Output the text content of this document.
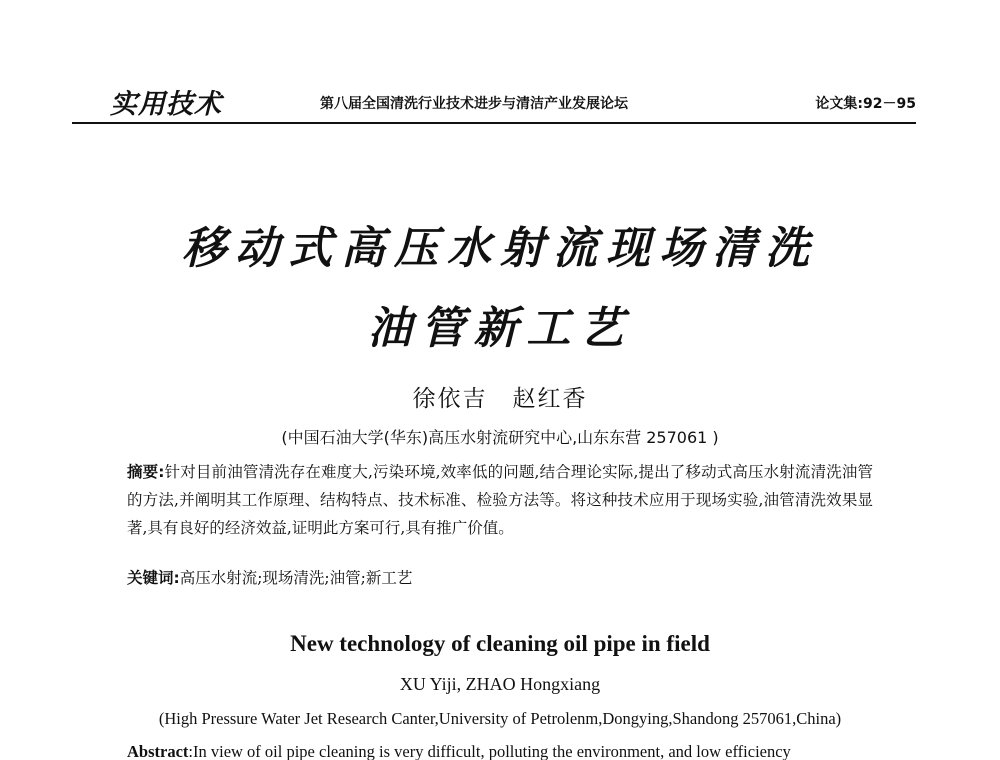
实用技术	第八届全国清洗行业技术进步与清洁产业发展论坛	论文集:92－95
移动式高压水射流现场清洗
油管新工艺
徐依吉　赵红香
(中国石油大学(华东)高压水射流研究中心,山东东营 257061 )
摘要:针对目前油管清洗存在难度大,污染环境,效率低的问题,结合理论实际,提出了移动式高压水射流清洗油管的方法,并阐明其工作原理、结构特点、技术标准、检验方法等。将这种技术应用于现场实验,油管清洗效果显著,具有良好的经济效益,证明此方案可行,具有推广价值。
关键词:高压水射流;现场清洗;油管;新工艺
New technology of cleaning oil pipe in field
XU Yiji, ZHAO Hongxiang
(High Pressure Water Jet Research Canter,University of Petrolenm,Dongying,Shandong 257061,China)
Abstract:In view of oil pipe cleaning is very difficult, polluting the environment, and low efficiency
